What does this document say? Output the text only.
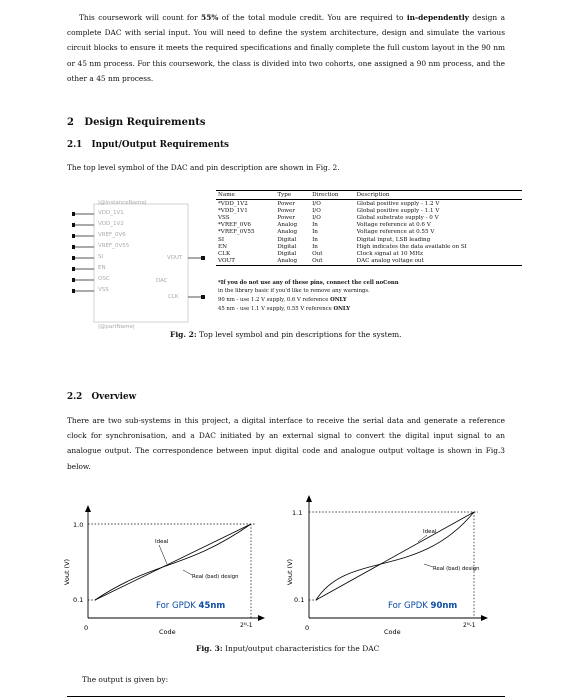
This coursework will count for 55% of the total module credit. You are required to in-dependently design a complete DAC with serial input. You will need to define the system architecture, design and simulate the various circuit blocks to ensure it meets the required specifications and finally complete the full custom layout in the 90 nm or 45 nm process. For this coursework, the class is divided into two cohorts, one assigned a 90 nm process, and the other a 45 nm process.
2 Design Requirements
2.1 Input/Output Requirements
The top level symbol of the DAC and pin description are shown in Fig. 2.
|@instanceName|
VDD_1V1
VDD_1V2
VREF_0V6
VREF_0V55
SI
EN
OSC
VSS
VOUT
CLK
DAC
|@partName|
Name	Type	Direction	Description
*VDD_1V2	Power	I/O	Global positive supply - 1.2 V
*VDD_1V1	Power	I/O	Global positive supply - 1.1 V
VSS	Power	I/O	Global substrate supply - 0 V
*VREF_0V6	Analog	In	Voltage reference at 0.6 V
*VREF_0V55	Analog	In	Voltage reference at 0.55 V
SI	Digital	In	Digital input, LSB leading
EN	Digital	In	High indicates the data available on SI
CLK	Digital	Out	Clock signal at 10 MHz
VOUT	Analog	Out	DAC analog voltage out
*If you do not use any of these pins, connect the cell noConn
in the library basic if you'd like to remove any warnings.
90 nm - use 1.2 V supply, 0.6 V reference ONLY
45 nm - use 1.1 V supply, 0.55 V reference ONLY
Fig. 2: Top level symbol and pin descriptions for the system.
2.2 Overview
There are two sub-systems in this project, a digital interface to receive the serial data and generate a reference clock for synchronisation, and a DAC initiated by an external signal to convert the digital input signal to an analogue output. The correspondence between input digital code and analogue output voltage is shown in Fig.3 below.
Vout (V)
1.0
0.1
0	2ᴺ-1
Code
Ideal
Real (bad) design
For GPDK 45nm
Vout (V)
1.1
0.1
0	2ᴺ-1
Code
Ideal
Real (bad) design
For GPDK 90nm
Fig. 3: Input/output characteristics for the DAC
The output is given by:
